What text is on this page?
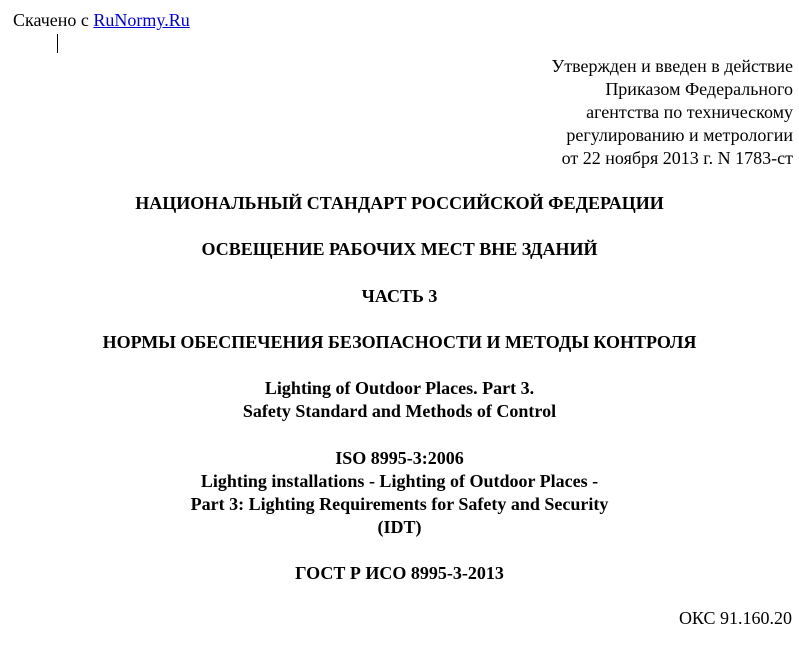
Скачено с RuNormy.Ru
Утвержден и введен в действие
Приказом Федерального
агентства по техническому
регулированию и метрологии
от 22 ноября 2013 г. N 1783-ст
НАЦИОНАЛЬНЫЙ СТАНДАРТ РОССИЙСКОЙ ФЕДЕРАЦИИ
ОСВЕЩЕНИЕ РАБОЧИХ МЕСТ ВНЕ ЗДАНИЙ
ЧАСТЬ 3
НОРМЫ ОБЕСПЕЧЕНИЯ БЕЗОПАСНОСТИ И МЕТОДЫ КОНТРОЛЯ
Lighting of Outdoor Places. Part 3.
Safety Standard and Methods of Control
ISO 8995-3:2006
Lighting installations - Lighting of Outdoor Places -
Part 3: Lighting Requirements for Safety and Security
(IDT)
ГОСТ Р ИСО 8995-3-2013
ОКС 91.160.20
